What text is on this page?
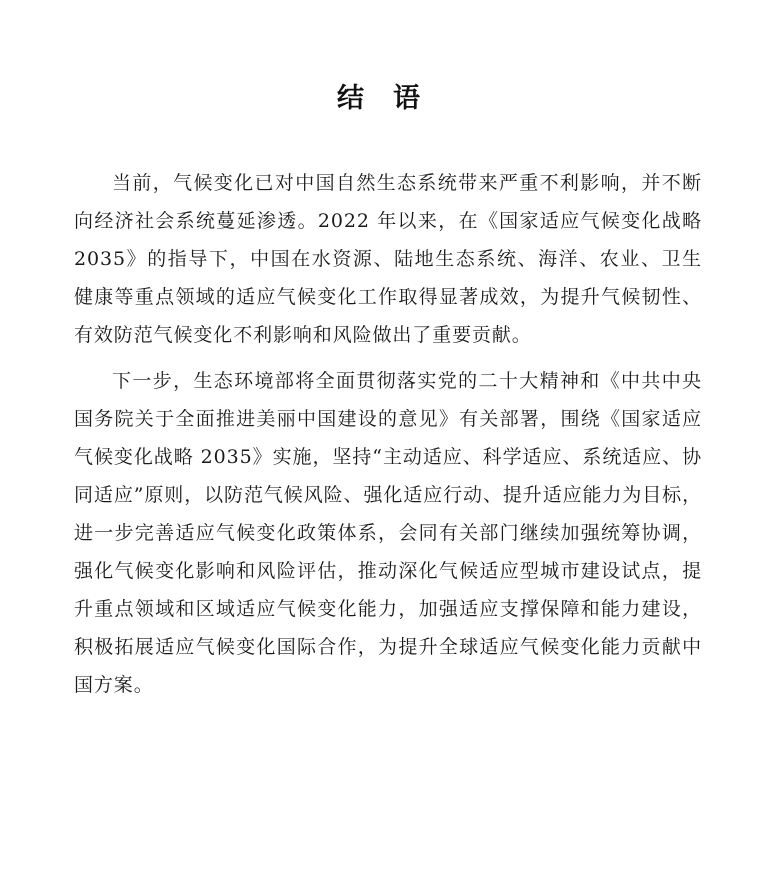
结　语

当前，气候变化已对中国自然生态系统带来严重不利影响，并不断向经济社会系统蔓延渗透。2022 年以来，在《国家适应气候变化战略 2035》的指导下，中国在水资源、陆地生态系统、海洋、农业、卫生健康等重点领域的适应气候变化工作取得显著成效，为提升气候韧性、有效防范气候变化不利影响和风险做出了重要贡献。

下一步，生态环境部将全面贯彻落实党的二十大精神和《中共中央 国务院关于全面推进美丽中国建设的意见》有关部署，围绕《国家适应气候变化战略 2035》实施，坚持“主动适应、科学适应、系统适应、协同适应”原则，以防范气候风险、强化适应行动、提升适应能力为目标，进一步完善适应气候变化政策体系，会同有关部门继续加强统筹协调，强化气候变化影响和风险评估，推动深化气候适应型城市建设试点，提升重点领域和区域适应气候变化能力，加强适应支撑保障和能力建设，积极拓展适应气候变化国际合作，为提升全球适应气候变化能力贡献中国方案。
